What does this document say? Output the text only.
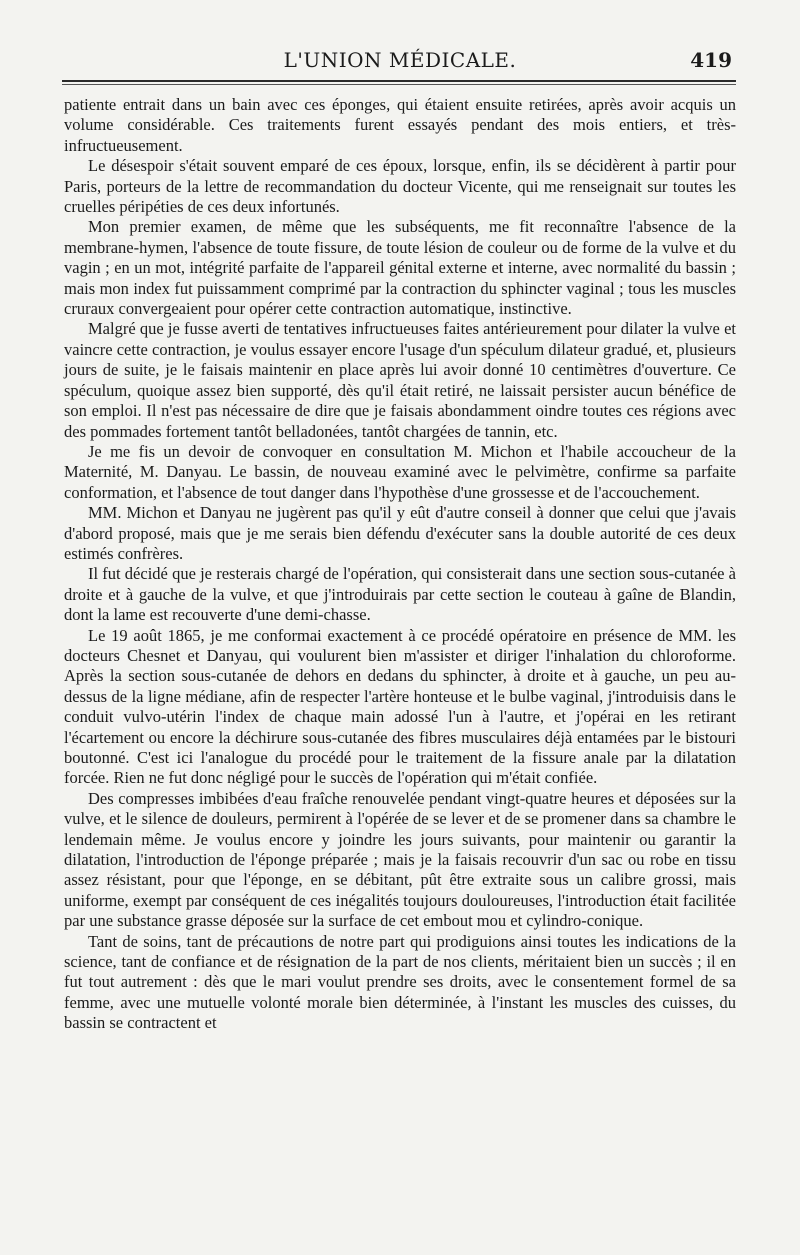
L'UNION MÉDICALE.	419

patiente entrait dans un bain avec ces éponges, qui étaient ensuite retirées, après avoir acquis un volume considérable. Ces traitements furent essayés pendant des mois entiers, et très-infructueusement.

Le désespoir s'était souvent emparé de ces époux, lorsque, enfin, ils se décidèrent à partir pour Paris, porteurs de la lettre de recommandation du docteur Vicente, qui me renseignait sur toutes les cruelles péripéties de ces deux infortunés.

Mon premier examen, de même que les subséquents, me fit reconnaître l'absence de la membrane-hymen, l'absence de toute fissure, de toute lésion de couleur ou de forme de la vulve et du vagin ; en un mot, intégrité parfaite de l'appareil génital externe et interne, avec normalité du bassin ; mais mon index fut puissamment comprimé par la contraction du sphincter vaginal ; tous les muscles cruraux convergeaient pour opérer cette contraction automatique, instinctive.

Malgré que je fusse averti de tentatives infructueuses faites antérieurement pour dilater la vulve et vaincre cette contraction, je voulus essayer encore l'usage d'un spéculum dilateur gradué, et, plusieurs jours de suite, je le faisais maintenir en place après lui avoir donné 10 centimètres d'ouverture. Ce spéculum, quoique assez bien supporté, dès qu'il était retiré, ne laissait persister aucun bénéfice de son emploi. Il n'est pas nécessaire de dire que je faisais abondamment oindre toutes ces régions avec des pommades fortement tantôt belladonées, tantôt chargées de tannin, etc.

Je me fis un devoir de convoquer en consultation M. Michon et l'habile accoucheur de la Maternité, M. Danyau. Le bassin, de nouveau examiné avec le pelvimètre, confirme sa parfaite conformation, et l'absence de tout danger dans l'hypothèse d'une grossesse et de l'accouchement.

MM. Michon et Danyau ne jugèrent pas qu'il y eût d'autre conseil à donner que celui que j'avais d'abord proposé, mais que je me serais bien défendu d'exécuter sans la double autorité de ces deux estimés confrères.

Il fut décidé que je resterais chargé de l'opération, qui consisterait dans une section sous-cutanée à droite et à gauche de la vulve, et que j'introduirais par cette section le couteau à gaîne de Blandin, dont la lame est recouverte d'une demi-chasse.

Le 19 août 1865, je me conformai exactement à ce procédé opératoire en présence de MM. les docteurs Chesnet et Danyau, qui voulurent bien m'assister et diriger l'inhalation du chloroforme. Après la section sous-cutanée de dehors en dedans du sphincter, à droite et à gauche, un peu au-dessus de la ligne médiane, afin de respecter l'artère honteuse et le bulbe vaginal, j'introduisis dans le conduit vulvo-utérin l'index de chaque main adossé l'un à l'autre, et j'opérai en les retirant l'écartement ou encore la déchirure sous-cutanée des fibres musculaires déjà entamées par le bistouri boutonné. C'est ici l'analogue du procédé pour le traitement de la fissure anale par la dilatation forcée. Rien ne fut donc négligé pour le succès de l'opération qui m'était confiée.

Des compresses imbibées d'eau fraîche renouvelée pendant vingt-quatre heures et déposées sur la vulve, et le silence de douleurs, permirent à l'opérée de se lever et de se promener dans sa chambre le lendemain même. Je voulus encore y joindre les jours suivants, pour maintenir ou garantir la dilatation, l'introduction de l'éponge préparée ; mais je la faisais recouvrir d'un sac ou robe en tissu assez résistant, pour que l'éponge, en se débitant, pût être extraite sous un calibre grossi, mais uniforme, exempt par conséquent de ces inégalités toujours douloureuses, l'introduction était facilitée par une substance grasse déposée sur la surface de cet embout mou et cylindro-conique.

Tant de soins, tant de précautions de notre part qui prodiguions ainsi toutes les indications de la science, tant de confiance et de résignation de la part de nos clients, méritaient bien un succès ; il en fut tout autrement : dès que le mari voulut prendre ses droits, avec le consentement formel de sa femme, avec une mutuelle volonté morale bien déterminée, à l'instant les muscles des cuisses, du bassin se contractent et
